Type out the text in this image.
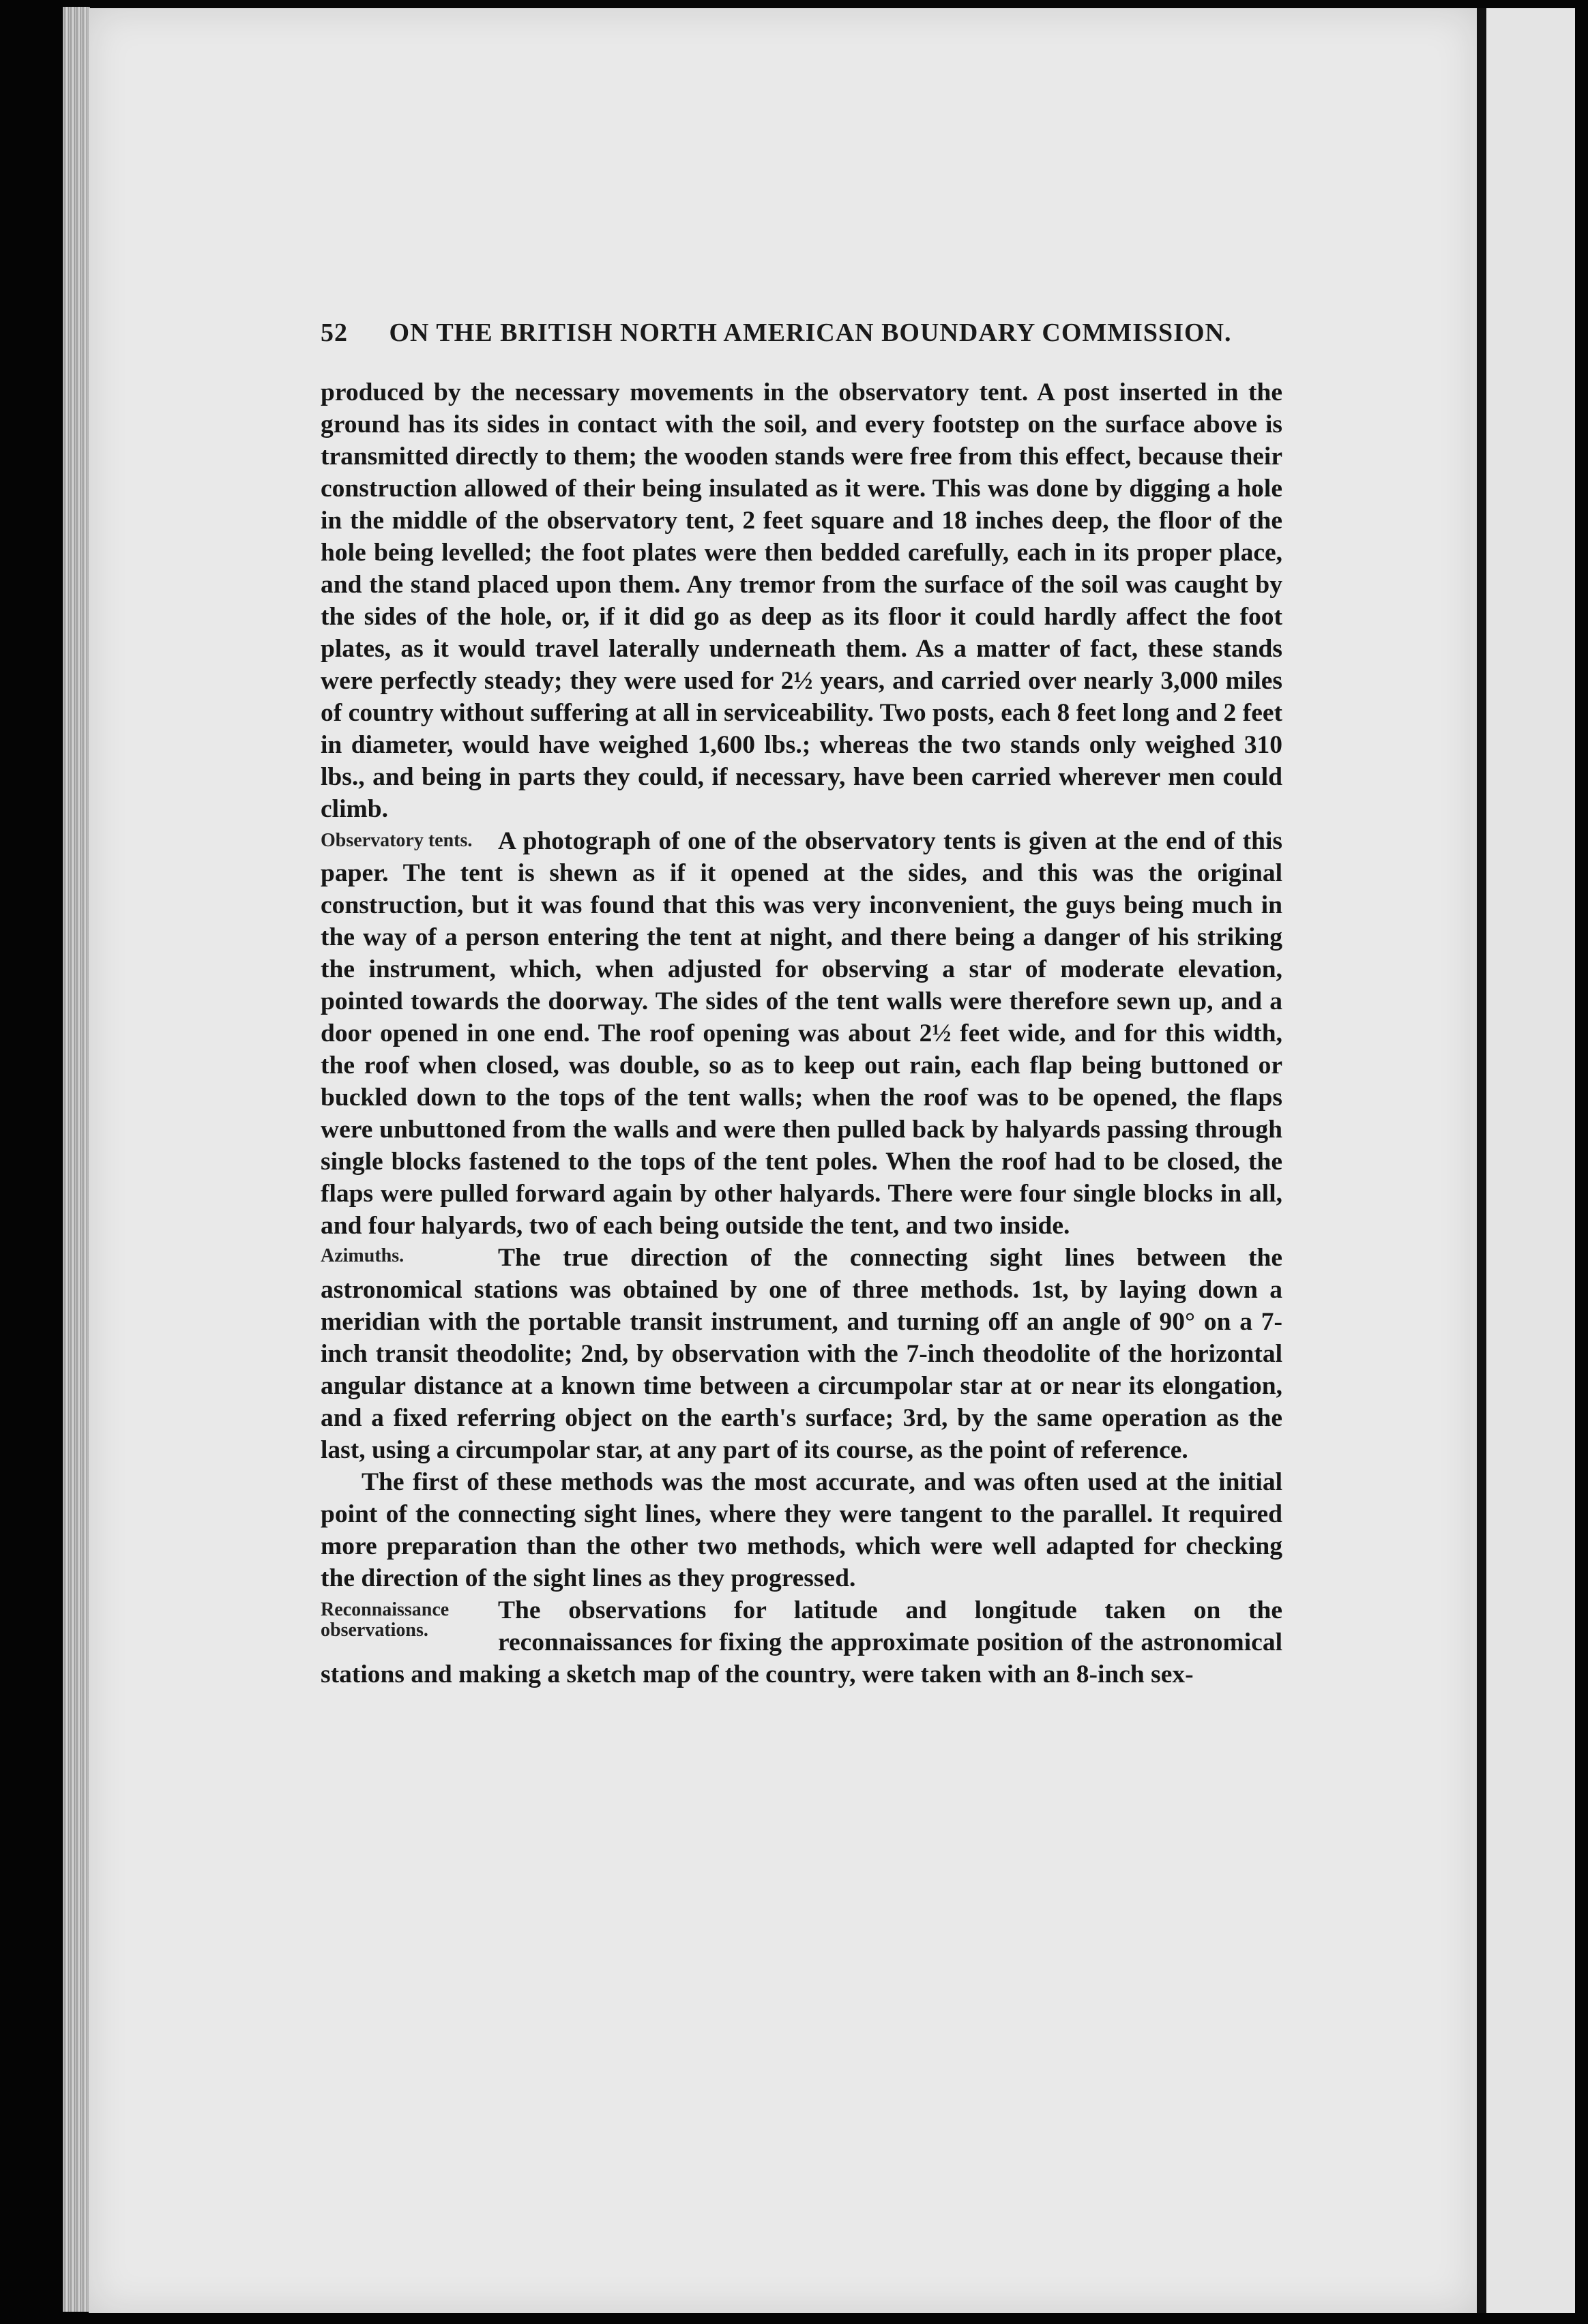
52 ON THE BRITISH NORTH AMERICAN BOUNDARY COMMISSION.

produced by the necessary movements in the observatory tent. A post inserted in the ground has its sides in contact with the soil, and every footstep on the surface above is transmitted directly to them; the wooden stands were free from this effect, because their construction allowed of their being insulated as it were. This was done by digging a hole in the middle of the observatory tent, 2 feet square and 18 inches deep, the floor of the hole being levelled; the foot plates were then bedded carefully, each in its proper place, and the stand placed upon them. Any tremor from the surface of the soil was caught by the sides of the hole, or, if it did go as deep as its floor it could hardly affect the foot plates, as it would travel laterally underneath them. As a matter of fact, these stands were perfectly steady; they were used for 2½ years, and carried over nearly 3,000 miles of country without suffering at all in serviceability. Two posts, each 8 feet long and 2 feet in diameter, would have weighed 1,600 lbs.; whereas the two stands only weighed 310 lbs., and being in parts they could, if necessary, have been carried wherever men could climb.

Observatory tents.	A photograph of one of the observatory tents is given at the end of this paper. The tent is shewn as if it opened at the sides, and this was the original construction, but it was found that this was very inconvenient, the guys being much in the way of a person entering the tent at night, and there being a danger of his striking the instrument, which, when adjusted for observing a star of moderate elevation, pointed towards the doorway. The sides of the tent walls were therefore sewn up, and a door opened in one end. The roof opening was about 2½ feet wide, and for this width, the roof when closed, was double, so as to keep out rain, each flap being buttoned or buckled down to the tops of the tent walls; when the roof was to be opened, the flaps were unbuttoned from the walls and were then pulled back by halyards passing through single blocks fastened to the tops of the tent poles. When the roof had to be closed, the flaps were pulled forward again by other halyards. There were four single blocks in all, and four halyards, two of each being outside the tent, and two inside.

Azimuths.	The true direction of the connecting sight lines between the astronomical stations was obtained by one of three methods. 1st, by laying down a meridian with the portable transit instrument, and turning off an angle of 90° on a 7-inch transit theodolite; 2nd, by observation with the 7-inch theodolite of the horizontal angular distance at a known time between a circumpolar star at or near its elongation, and a fixed referring object on the earth's surface; 3rd, by the same operation as the last, using a circumpolar star, at any part of its course, as the point of reference.

The first of these methods was the most accurate, and was often used at the initial point of the connecting sight lines, where they were tangent to the parallel. It required more preparation than the other two methods, which were well adapted for checking the direction of the sight lines as they progressed.

Reconnaissance observations.

The observations for latitude and longitude taken on the reconnaissances for fixing the approximate position of the astronomical stations and making a sketch map of the country, were taken with an 8-inch sex-
